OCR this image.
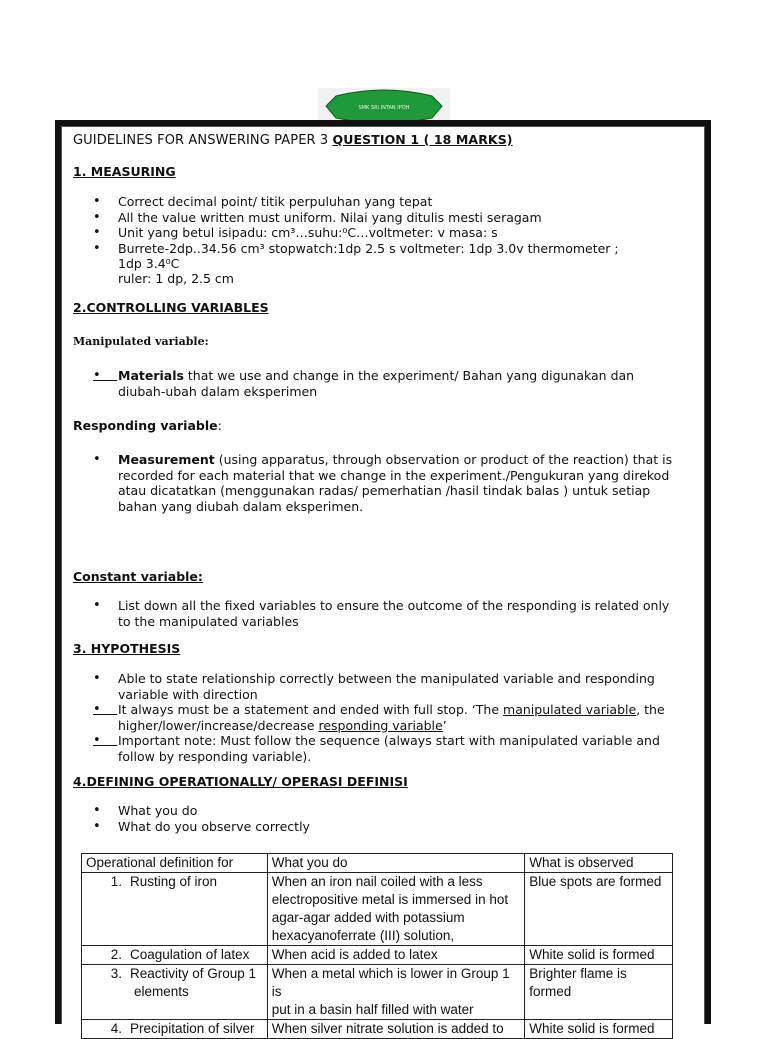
SMK SRI INTAN IPOH
GUIDELINES FOR ANSWERING PAPER 3 QUESTION 1 ( 18 MARKS)
1. MEASURING
• Correct decimal point/ titik perpuluhan yang tepat
• All the value written must uniform. Nilai yang ditulis mesti seragam
• Unit yang betul isipadu: cm³…suhu:⁰C…voltmeter: v masa: s
• Burrete-2dp..34.56 cm³ stopwatch:1dp 2.5 s voltmeter: 1dp 3.0v thermometer ;
1dp 3.4⁰C
ruler: 1 dp, 2.5 cm
2.CONTROLLING VARIABLES
Manipulated variable:
•    Materials that we use and change in the experiment/ Bahan yang digunakan dan
diubah-ubah dalam eksperimen
Responding variable:
• Measurement (using apparatus, through observation or product of the reaction) that is
recorded for each material that we change in the experiment./Pengukuran yang direkod
atau dicatatkan (menggunakan radas/ pemerhatian /hasil tindak balas ) untuk setiap
bahan yang diubah dalam eksperimen.
Constant variable:
• List down all the fixed variables to ensure the outcome of the responding is related only
to the manipulated variables
3. HYPOTHESIS
• Able to state relationship correctly between the manipulated variable and responding
variable with direction
•    It always must be a statement and ended with full stop. ‘The manipulated variable, the
higher/lower/increase/decrease responding variable’
•    Important note: Must follow the sequence (always start with manipulated variable and
follow by responding variable).
4.DEFINING OPERATIONALLY/ OPERASI DEFINISI
• What you do
• What do you observe correctly
Operational definition for	What you do	What is observed
1. Rusting of iron	When an iron nail coiled with a less
electropositive metal is immersed in hot
agar-agar added with potassium
hexacyanoferrate (III) solution,	Blue spots are formed
2. Coagulation of latex	When acid is added to latex	White solid is formed
3. Reactivity of Group 1
elements	When a metal which is lower in Group 1 is
put in a basin half filled with water	Brighter flame is formed
4. Precipitation of silver	When silver nitrate solution is added to	White solid is formed
